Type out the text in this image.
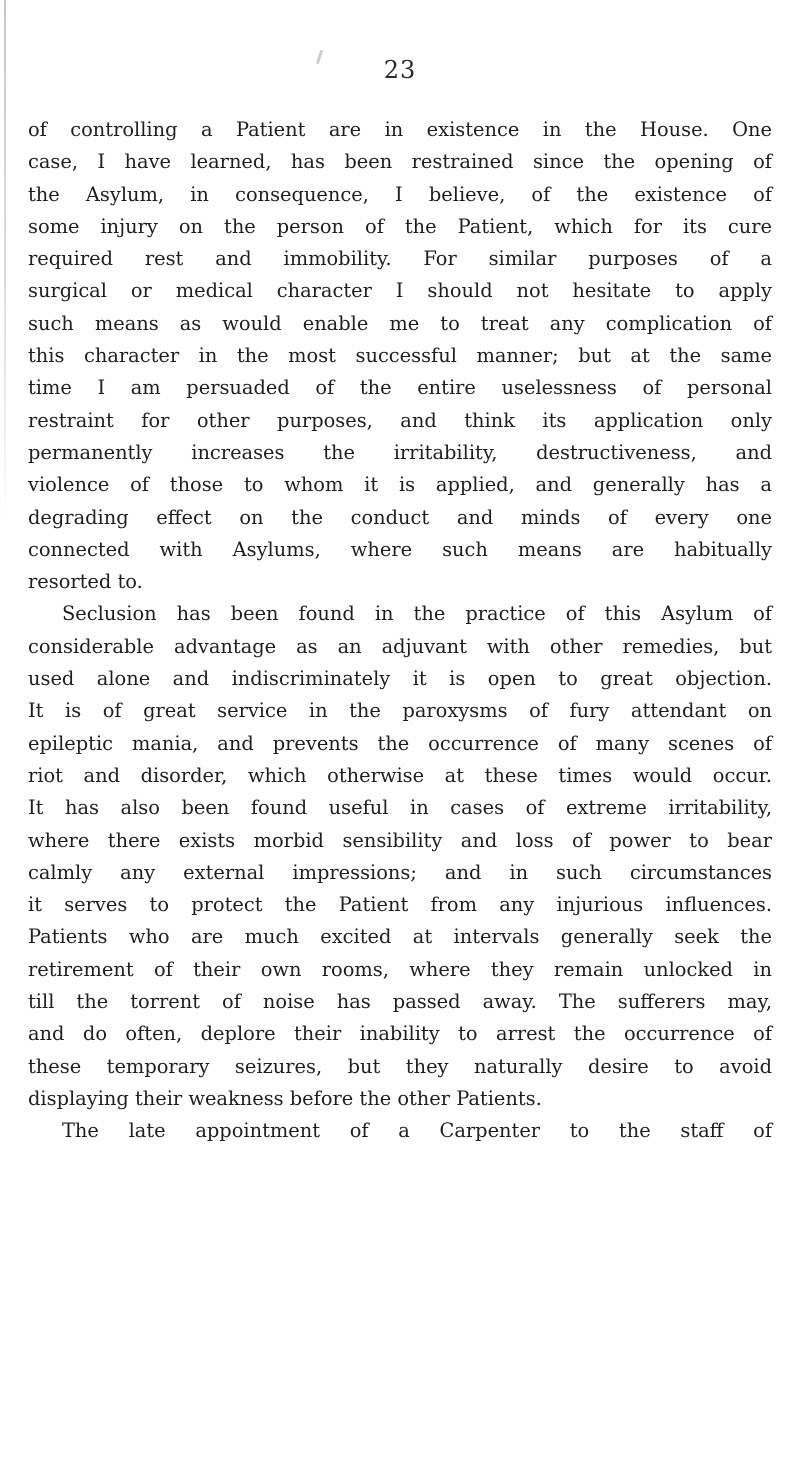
23
of controlling a Patient are in existence in the House. One
case, I have learned, has been restrained since the opening of
the Asylum, in consequence, I believe, of the existence of
some injury on the person of the Patient, which for its cure
required rest and immobility. For similar purposes of a
surgical or medical character I should not hesitate to apply
such means as would enable me to treat any complication of
this character in the most successful manner; but at the same
time I am persuaded of the entire uselessness of personal
restraint for other purposes, and think its application only
permanently increases the irritability, destructiveness, and
violence of those to whom it is applied, and generally has a
degrading effect on the conduct and minds of every one
connected with Asylums, where such means are habitually
resorted to.
Seclusion has been found in the practice of this Asylum of
considerable advantage as an adjuvant with other remedies, but
used alone and indiscriminately it is open to great objection.
It is of great service in the paroxysms of fury attendant on
epileptic mania, and prevents the occurrence of many scenes of
riot and disorder, which otherwise at these times would occur.
It has also been found useful in cases of extreme irritability,
where there exists morbid sensibility and loss of power to bear
calmly any external impressions; and in such circumstances
it serves to protect the Patient from any injurious influences.
Patients who are much excited at intervals generally seek the
retirement of their own rooms, where they remain unlocked in
till the torrent of noise has passed away. The sufferers may,
and do often, deplore their inability to arrest the occurrence of
these temporary seizures, but they naturally desire to avoid
displaying their weakness before the other Patients.
The late appointment of a Carpenter to the staff of
